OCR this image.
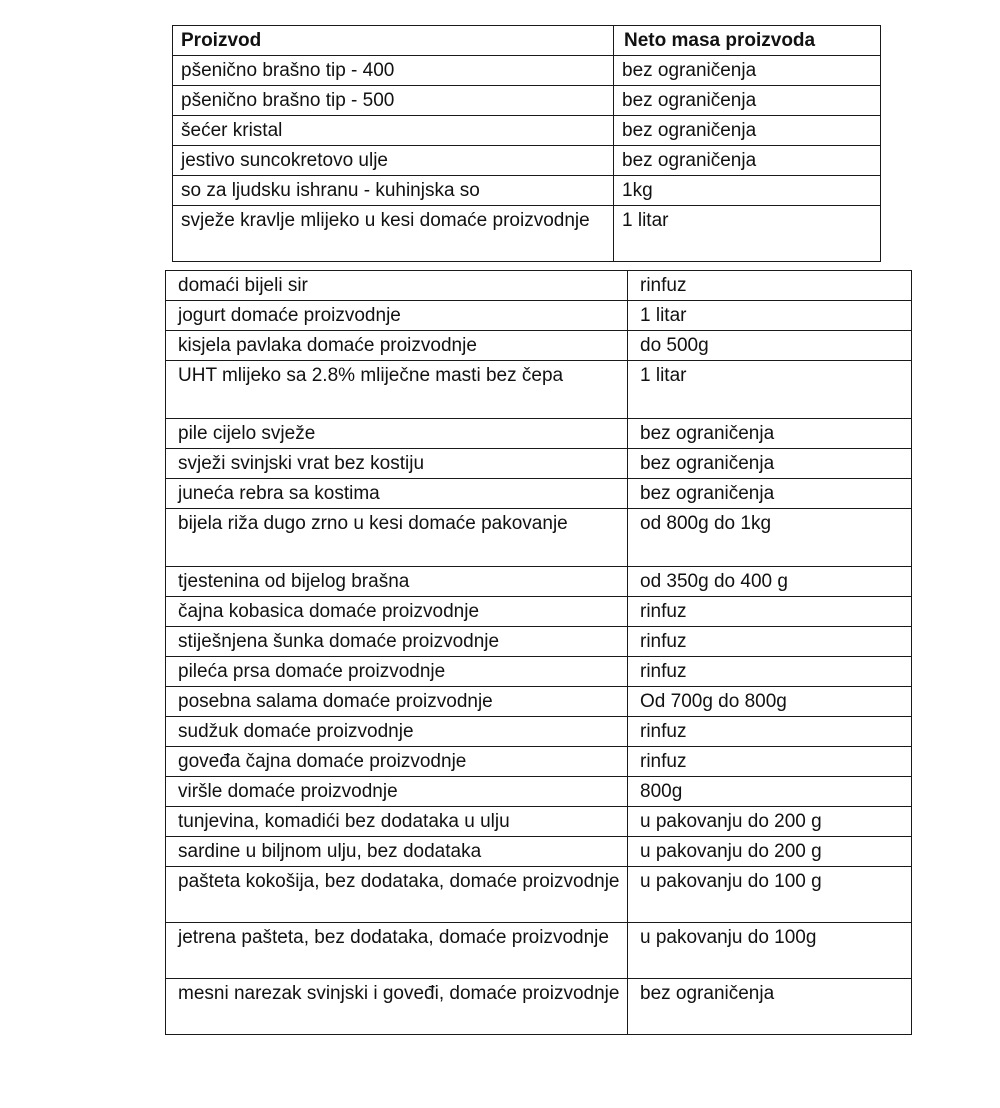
Proizvod	Neto masa proizvoda
pšenično brašno tip - 400	bez ograničenja
pšenično brašno tip - 500	bez ograničenja
šećer kristal	bez ograničenja
jestivo suncokretovo ulje	bez ograničenja
so za ljudsku ishranu - kuhinjska so	1kg
svježe kravlje mlijeko u kesi domaće proizvodnje	1 litar
domaći bijeli sir	rinfuz
jogurt domaće proizvodnje	1 litar
kisjela pavlaka domaće proizvodnje	do 500g
UHT mlijeko sa 2.8% mliječne masti bez čepa	1 litar
pile cijelo svježe	bez ograničenja
svježi svinjski vrat bez kostiju	bez ograničenja
juneća rebra sa kostima	bez ograničenja
bijela riža dugo zrno u kesi domaće pakovanje	od 800g do 1kg
tjestenina od bijelog brašna	od 350g do 400 g
čajna kobasica domaće proizvodnje	rinfuz
stiješnjena šunka domaće proizvodnje	rinfuz
pileća prsa domaće proizvodnje	rinfuz
posebna salama domaće proizvodnje	Od 700g do 800g
sudžuk domaće proizvodnje	rinfuz
goveđa čajna domaće proizvodnje	rinfuz
viršle domaće proizvodnje	800g
tunjevina, komadići bez dodataka u ulju	u pakovanju do 200 g
sardine u biljnom ulju, bez dodataka	u pakovanju do 200 g
pašteta kokošija, bez dodataka, domaće proizvodnje	u pakovanju do 100 g
jetrena pašteta, bez dodataka, domaće proizvodnje	u pakovanju do 100g
mesni narezak svinjski i goveđi, domaće proizvodnje	bez ograničenja
